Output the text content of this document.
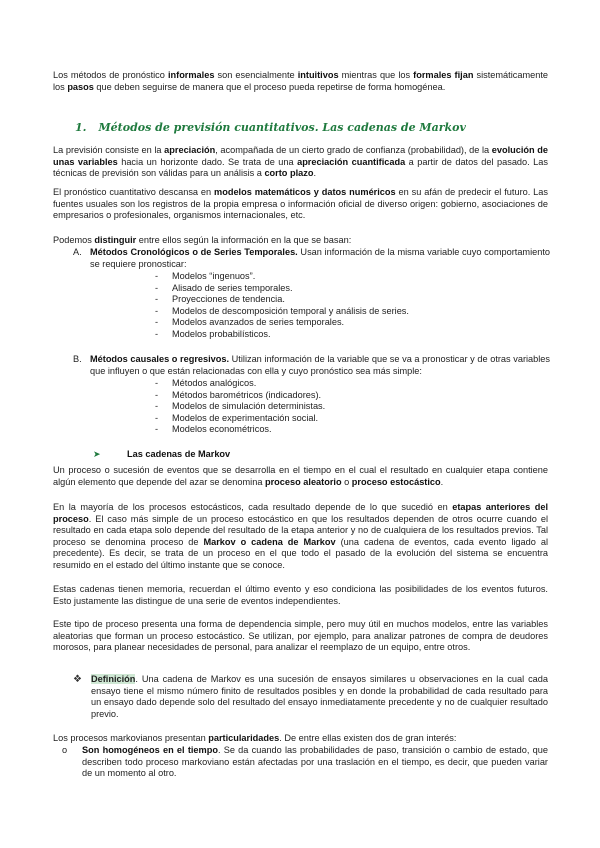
Los métodos de pronóstico informales son esencialmente intuitivos mientras que los formales fijan sistemáticamente los pasos que deben seguirse de manera que el proceso pueda repetirse de forma homogénea.

1. Métodos de previsión cuantitativos. Las cadenas de Markov

La previsión consiste en la apreciación, acompañada de un cierto grado de confianza (probabilidad), de la evolución de unas variables hacia un horizonte dado. Se trata de una apreciación cuantificada a partir de datos del pasado. Las técnicas de previsión son válidas para un análisis a corto plazo.

El pronóstico cuantitativo descansa en modelos matemáticos y datos numéricos en su afán de predecir el futuro. Las fuentes usuales son los registros de la propia empresa o información oficial de diverso origen: gobierno, asociaciones de empresarios o profesionales, organismos internacionales, etc.

Podemos distinguir entre ellos según la información en la que se basan:

A. Métodos Cronológicos o de Series Temporales. Usan información de la misma variable cuyo comportamiento se requiere pronosticar:

- Modelos “ingenuos”.
- Alisado de series temporales.
- Proyecciones de tendencia.
- Modelos de descomposición temporal y análisis de series.
- Modelos avanzados de series temporales.
- Modelos probabilísticos.
B. Métodos causales o regresivos. Utilizan información de la variable que se va a pronosticar y de otras variables que influyen o que están relacionadas con ella y cuyo pronóstico sea más simple:

- Métodos analógicos.
- Métodos barométricos (indicadores).
- Modelos de simulación deterministas.
- Modelos de experimentación social.
- Modelos econométricos.
➤	Las cadenas de Markov

Un proceso o sucesión de eventos que se desarrolla en el tiempo en el cual el resultado en cualquier etapa contiene algún elemento que depende del azar se denomina proceso aleatorio o proceso estocástico.

En la mayoría de los procesos estocásticos, cada resultado depende de lo que sucedió en etapas anteriores del proceso. El caso más simple de un proceso estocástico en que los resultados dependen de otros ocurre cuando el resultado en cada etapa solo depende del resultado de la etapa anterior y no de cualquiera de los resultados previos. Tal proceso se denomina proceso de Markov o cadena de Markov (una cadena de eventos, cada evento ligado al precedente). Es decir, se trata de un proceso en el que todo el pasado de la evolución del sistema se encuentra resumido en el estado del último instante que se conoce.

Estas cadenas tienen memoria, recuerdan el último evento y eso condiciona las posibilidades de los eventos futuros. Esto justamente las distingue de una serie de eventos independientes.

Este tipo de proceso presenta una forma de dependencia simple, pero muy útil en muchos modelos, entre las variables aleatorias que forman un proceso estocástico. Se utilizan, por ejemplo, para analizar patrones de compra de deudores morosos, para planear necesidades de personal, para analizar el reemplazo de un equipo, entre otros.

❖ Definición. Una cadena de Markov es una sucesión de ensayos similares u observaciones en la cual cada ensayo tiene el mismo número finito de resultados posibles y en donde la probabilidad de cada resultado para un ensayo dado depende solo del resultado del ensayo inmediatamente precedente y no de cualquier resultado previo.

Los procesos markovianos presentan particularidades. De entre ellas existen dos de gran interés:

o Son homogéneos en el tiempo. Se da cuando las probabilidades de paso, transición o cambio de estado, que describen todo proceso markoviano están afectadas por una traslación en el tiempo, es decir, que pueden variar de un momento al otro.
